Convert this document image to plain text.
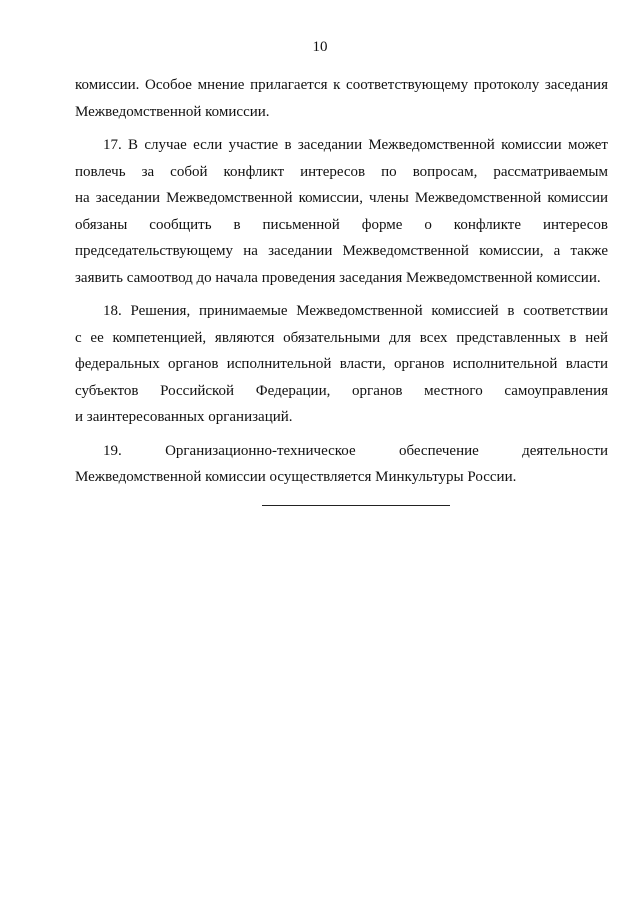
10
комиссии. Особое мнение прилагается к соответствующему протоколу заседания
Межведомственной комиссии.
17. В случае если участие в заседании Межведомственной комиссии может
повлечь за собой конфликт интересов по вопросам, рассматриваемым
на заседании Межведомственной комиссии, члены Межведомственной комиссии
обязаны сообщить в письменной форме о конфликте интересов
председательствующему на заседании Межведомственной комиссии, а также
заявить самоотвод до начала проведения заседания Межведомственной комиссии.
18. Решения, принимаемые Межведомственной комиссией в соответствии
с ее компетенцией, являются обязательными для всех представленных в ней
федеральных органов исполнительной власти, органов исполнительной власти
субъектов Российской Федерации, органов местного самоуправления
и заинтересованных организаций.
19. Организационно-техническое обеспечение деятельности
Межведомственной комиссии осуществляется Минкультуры России.
